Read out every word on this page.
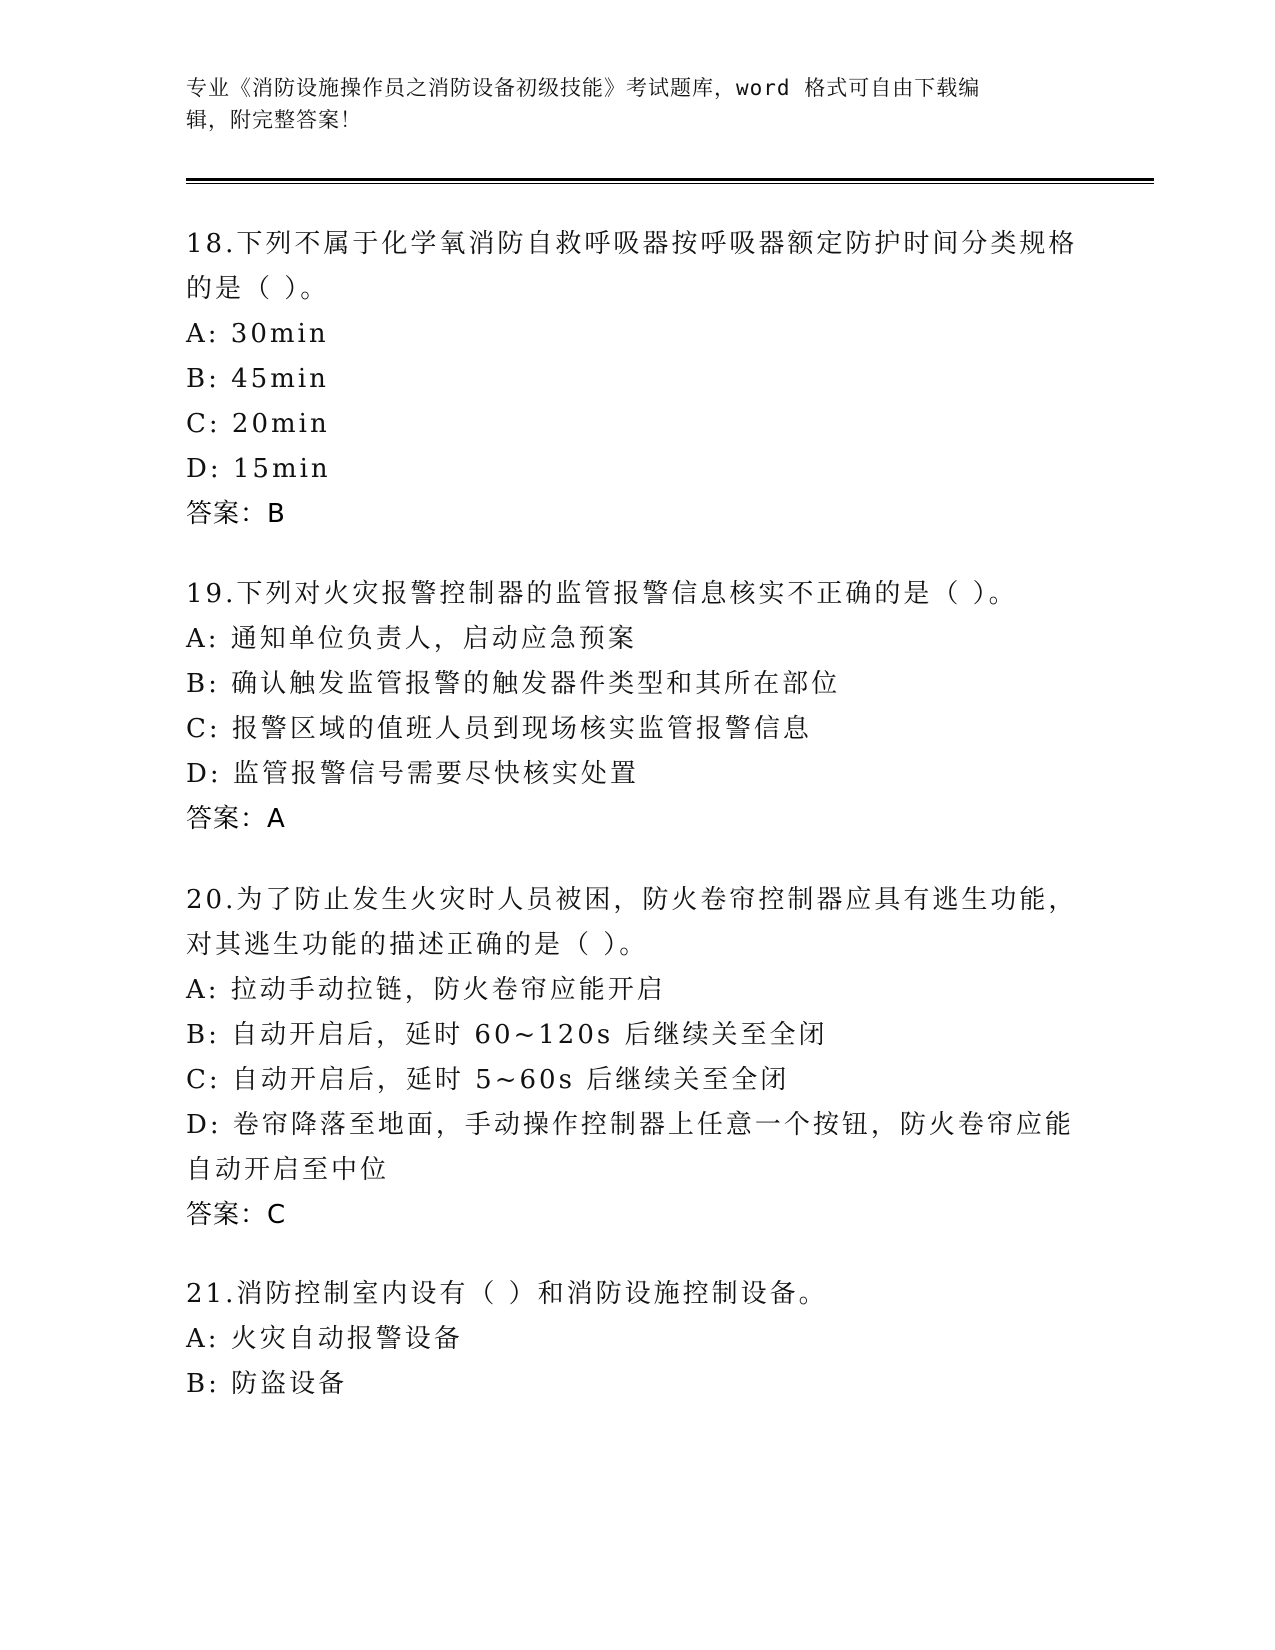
专业《消防设施操作员之消防设备初级技能》考试题库，word 格式可自由下载编
辑，附完整答案！
18.下列不属于化学氧消防自救呼吸器按呼吸器额定防护时间分类规格
的是（ ）。
A: 30min
B: 45min
C: 20min
D: 15min
答案：B
19.下列对火灾报警控制器的监管报警信息核实不正确的是（ ）。
A: 通知单位负责人，启动应急预案
B: 确认触发监管报警的触发器件类型和其所在部位
C: 报警区域的值班人员到现场核实监管报警信息
D: 监管报警信号需要尽快核实处置
答案：A
20.为了防止发生火灾时人员被困，防火卷帘控制器应具有逃生功能，
对其逃生功能的描述正确的是（ ）。
A: 拉动手动拉链，防火卷帘应能开启
B: 自动开启后，延时 60~120s 后继续关至全闭
C: 自动开启后，延时 5~60s 后继续关至全闭
D: 卷帘降落至地面，手动操作控制器上任意一个按钮，防火卷帘应能
自动开启至中位
答案：C
21.消防控制室内设有（ ）和消防设施控制设备。
A: 火灾自动报警设备
B: 防盗设备
